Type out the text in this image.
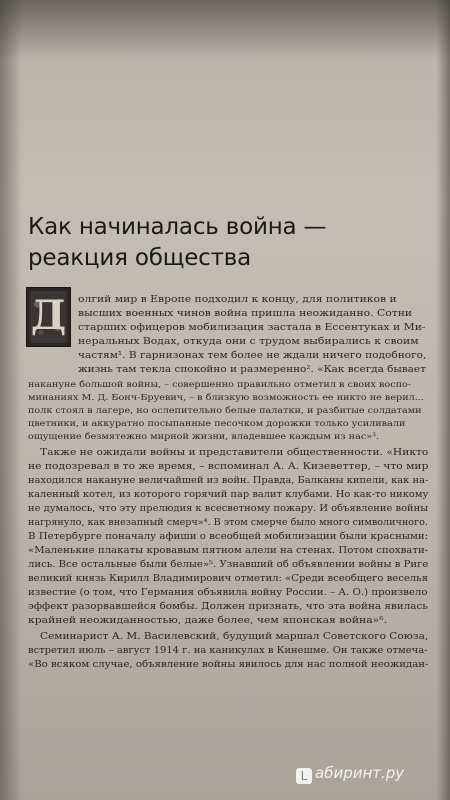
Как начиналась война —
реакция общества
Д	олгий мир в Европе подходил к концу, для политиков и
высших военных чинов война пришла неожиданно. Сотни
старших офицеров мобилизация застала в Ессентуках и Ми-
неральных Водах, откуда они с трудом выбирались к своим
частям¹. В гарнизонах тем более не ждали ничего подобного,
жизнь там текла спокойно и размеренно². «Как всегда бывает
накануне большой войны, – совершенно правильно отметил в своих воспо-
минаниях М. Д. Бонч-Бруевич, – в близкую возможность ее никто не верил...
полк стоял в лагере, но ослепительно белые палатки, и разбитые солдатами
цветники, и аккуратно посыпанные песочком дорожки только усиливали
ощущение безмятежно мирной жизни, владевшее каждым из нас»³.
Также не ожидали войны и представители общественности. «Никто
не подозревал в то же время, – вспоминал А. А. Кизеветтер, – что мир
находился накануне величайшей из войн. Правда, Балканы кипели, как на-
каленный котел, из которого горячий пар валит клубами. Но как-то никому
не думалось, что эту прелюдия к всесветному пожару. И объявление войны
нагрянуло, как внезапный смерч»⁴. В этом смерче было много символичного.
В Петербурге поначалу афиши о всеобщей мобилизации были красными:
«Маленькие плакаты кровавым пятном алели на стенах. Потом спохвати-
лись. Все остальные были белые»⁵. Узнавший об объявлении войны в Риге
великий князь Кирилл Владимирович отметил: «Среди всеобщего веселья
известие (о том, что Германия объявила войну России. – А. О.) произвело
эффект разорвавшейся бомбы. Должен признать, что эта война явилась
крайней неожиданностью, даже более, чем японская война»⁶.
Семинарист А. М. Василевский, будущий маршал Советского Союза,
встретил июль – август 1914 г. на каникулах в Кинешме. Он также отмеча-
«Во всяком случае, объявление войны явилось для нас полной неожидан-
L абиринт.ру
